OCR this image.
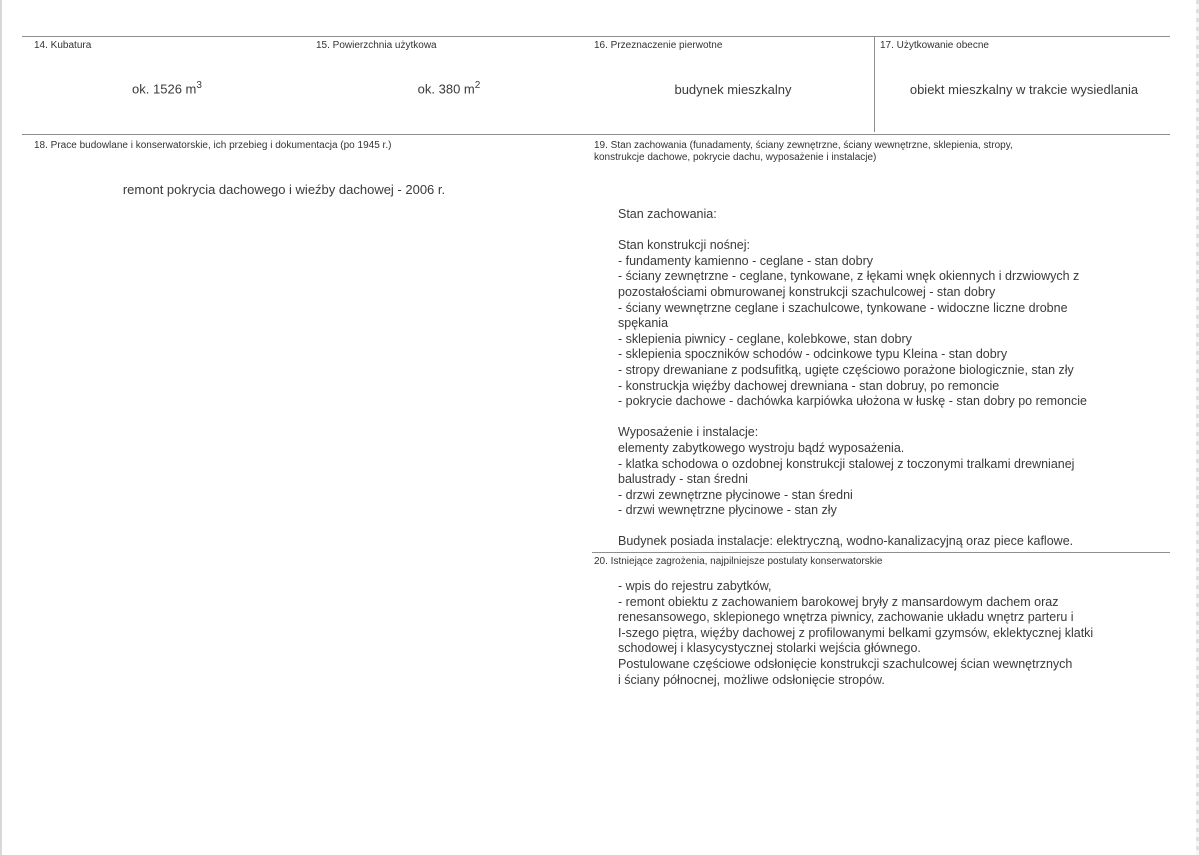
14. Kubatura
ok. 1526 $m^3$
15. Powierzchnia użytkowa
ok. 380 $m^2$
16. Przeznaczenie pierwotne
budynek mieszkalny
17. Użytkowanie obecne
obiekt mieszkalny w trakcie wysiedlania
18. Prace budowlane i konserwatorskie, ich przebieg i dokumentacja (po 1945 r.)
remont pokrycia dachowego i wieźby dachowej - 2006 r.
19. Stan zachowania (funadamenty, ściany zewnętrzne, ściany wewnętrzne, sklepienia, stropy,
konstrukcje dachowe, pokrycie dachu, wyposażenie i instalacje)
Stan zachowania:
Stan konstrukcji nośnej:
- fundamenty kamienno - ceglane - stan dobry
- ściany zewnętrzne - ceglane, tynkowane, z łękami wnęk okiennych i drzwiowych z
pozostałościami obmurowanej konstrukcji szachulcowej - stan dobry
- ściany wewnętrzne ceglane i szachulcowe, tynkowane - widoczne liczne drobne
spękania
- sklepienia piwnicy - ceglane, kolebkowe, stan dobry
- sklepienia spoczników schodów - odcinkowe typu Kleina - stan dobry
- stropy drewaniane z podsufitką, ugięte częściowo porażone biologicznie, stan zły
- konstruckja więźby dachowej drewniana - stan dobruy, po remoncie
- pokrycie dachowe - dachówka karpiówka ułożona w łuskę - stan dobry po remoncie
Wyposażenie i instalacje:
elementy zabytkowego wystroju bądź wyposażenia.
- klatka schodowa o ozdobnej konstrukcji stalowej z toczonymi tralkami drewnianej
balustrady - stan średni
- drzwi zewnętrzne płycinowe - stan średni
- drzwi wewnętrzne płycinowe - stan zły
Budynek posiada instalacje: elektryczną, wodno-kanalizacyjną oraz piece kaflowe.
20. Istniejące zagrożenia, najpilniejsze postulaty konserwatorskie
- wpis do rejestru zabytków,
- remont obiektu z zachowaniem barokowej bryły z mansardowym dachem oraz
renesansowego, sklepionego wnętrza piwnicy, zachowanie układu wnętrz parteru i
I-szego piętra, więźby dachowej z profilowanymi belkami gzymsów, eklektycznej klatki
schodowej i klasycystycznej stolarki wejścia głównego.
Postulowane częściowe odsłonięcie konstrukcji szachulcowej ścian wewnętrznych
i ściany północnej, możliwe odsłonięcie stropów.
